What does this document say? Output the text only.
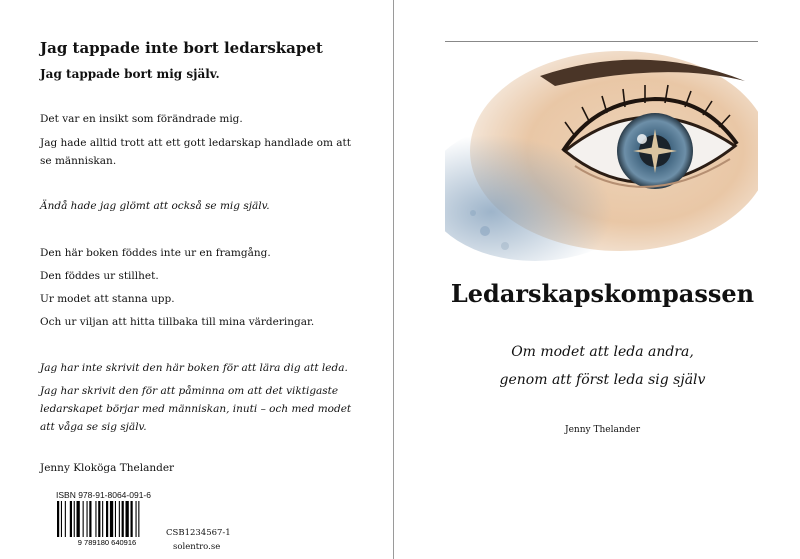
Jag tappade inte bort ledarskapet
Jag tappade bort mig själv.
Det var en insikt som förändrade mig.
Jag hade alltid trott att ett gott ledarskap handlade om att se människan.
Ändå hade jag glömt att också se mig själv.
Den här boken föddes inte ur en framgång.
Den föddes ur stillhet.
Ur modet att stanna upp.
Och ur viljan att hitta tillbaka till mina värderingar.
Jag har inte skrivit den här boken för att lära dig att leda.
Jag har skrivit den för att påminna om att det viktigaste ledarskapet börjar med människan, inuti – och med modet att våga se sig själv.
Jenny Kloköga Thelander
ISBN 978-91-8064-091-6
9 789180 640916
CSB1234567-1
solentro.se
Ledarskapskompassen
Om modet att leda andra,
genom att först leda sig själv
Jenny Thelander
